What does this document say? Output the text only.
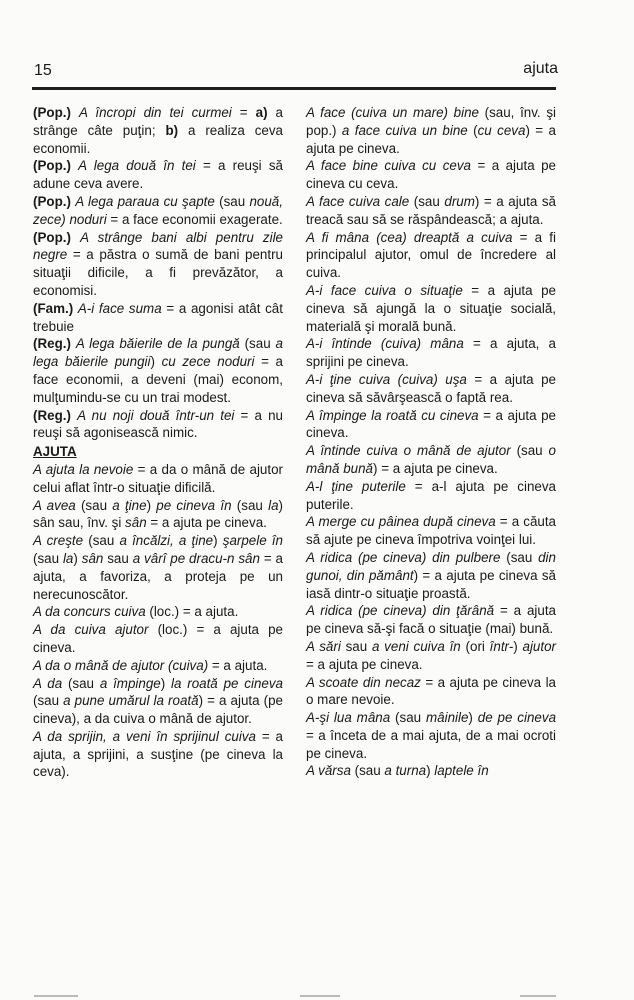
15	ajuta

(Pop.) A încropi din tei curmei = a) a strânge câte puţin; b) a realiza ceva economii.

(Pop.) A lega două în tei = a reuşi să adune ceva avere.

(Pop.) A lega paraua cu şapte (sau nouă, zece) noduri = a face economii exagerate.

(Pop.) A strânge bani albi pentru zile negre = a păstra o sumă de bani pentru situaţii dificile, a fi prevăzător, a economisi.

(Fam.) A-i face suma = a agonisi atât cât trebuie

(Reg.) A lega băierile de la pungă (sau a lega băierile pungii) cu zece noduri = a face economii, a deveni (mai) econom, mulţumindu-se cu un trai modest.

(Reg.) A nu noji două într-un tei = a nu reuşi să agonisească nimic.

AJUTA

A ajuta la nevoie = a da o mână de ajutor celui aflat într-o situaţie dificilă.

A avea (sau a ţine) pe cineva în (sau la) sân sau, înv. şi sân = a ajuta pe cineva.

A creşte (sau a încălzi, a ţine) şarpele în (sau la) sân sau a vârî pe dracu-n sân = a ajuta, a favoriza, a proteja pe un nerecunoscător.

A da concurs cuiva (loc.) = a ajuta.

A da cuiva ajutor (loc.) = a ajuta pe cineva.

A da o mână de ajutor (cuiva) = a ajuta.

A da (sau a împinge) la roată pe cineva (sau a pune umărul la roată) = a ajuta (pe cineva), a da cuiva o mână de ajutor.

A da sprijin, a veni în sprijinul cuiva = a ajuta, a sprijini, a susţine (pe cineva la ceva).

A face (cuiva un mare) bine (sau, înv. şi pop.) a face cuiva un bine (cu ceva) = a ajuta pe cineva.

A face bine cuiva cu ceva = a ajuta pe cineva cu ceva.

A face cuiva cale (sau drum) = a ajuta să treacă sau să se răspândească; a ajuta.

A fi mâna (cea) dreaptă a cuiva = a fi principalul ajutor, omul de încredere al cuiva.

A-i face cuiva o situaţie = a ajuta pe cineva să ajungă la o situaţie socială, materială şi morală bună.

A-i întinde (cuiva) mâna = a ajuta, a sprijini pe cineva.

A-i ţine cuiva (cuiva) uşa = a ajuta pe cineva să săvârşească o faptă rea.

A împinge la roată cu cineva = a ajuta pe cineva.

A întinde cuiva o mână de ajutor (sau o mână bună) = a ajuta pe cineva.

A-l ţine puterile = a-l ajuta pe cineva puterile.

A merge cu pâinea după cineva = a căuta să ajute pe cineva împotriva voinţei lui.

A ridica (pe cineva) din pulbere (sau din gunoi, din pământ) = a ajuta pe cineva să iasă dintr-o situaţie proastă.

A ridica (pe cineva) din ţărână = a ajuta pe cineva să-şi facă o situaţie (mai) bună.

A sări sau a veni cuiva în (ori într-) ajutor = a ajuta pe cineva.

A scoate din necaz = a ajuta pe cineva la o mare nevoie.

A-şi lua mâna (sau mâinile) de pe cineva = a înceta de a mai ajuta, de a mai ocroti pe cineva.

A vărsa (sau a turna) laptele în
